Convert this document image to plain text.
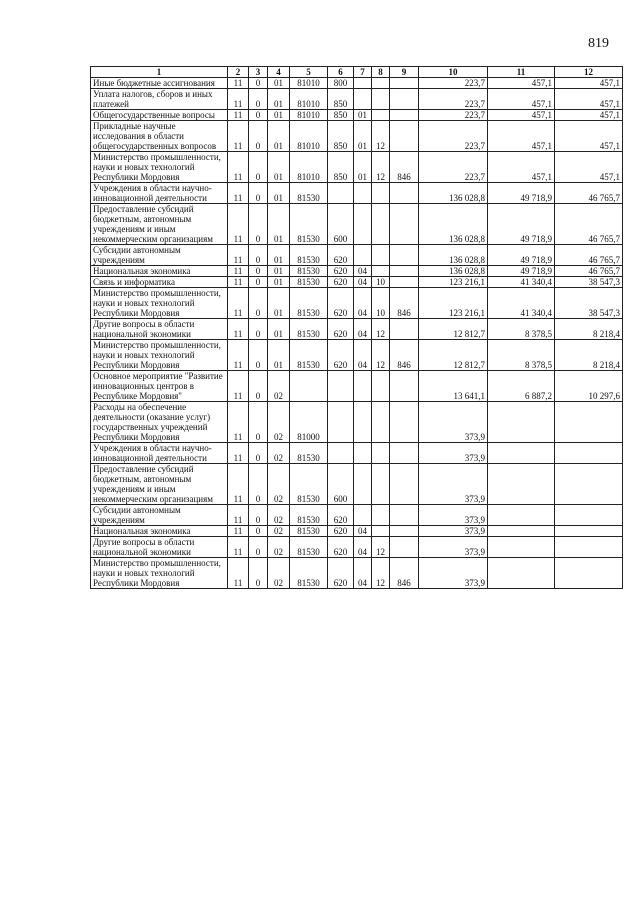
819
1	2	3	4	5	6	7	8	9	10	11	12
Иные бюджетные ассигнования	11	0	01	81010	800				223,7	457,1	457,1
Уплата налогов, сборов и иных платежей	11	0	01	81010	850				223,7	457,1	457,1
Общегосударственные вопросы	11	0	01	81010	850	01			223,7	457,1	457,1
Прикладные научные исследования в области общегосударственных вопросов	11	0	01	81010	850	01	12		223,7	457,1	457,1
Министерство промышленности, науки и новых технологий Республики Мордовия	11	0	01	81010	850	01	12	846	223,7	457,1	457,1
Учреждения в области научно-инновационной деятельности	11	0	01	81530					136 028,8	49 718,9	46 765,7
Предоставление субсидий бюджетным, автономным учреждениям и иным некоммерческим организациям	11	0	01	81530	600				136 028,8	49 718,9	46 765,7
Субсидии автономным учреждениям	11	0	01	81530	620				136 028,8	49 718,9	46 765,7
Национальная экономика	11	0	01	81530	620	04			136 028,8	49 718,9	46 765,7
Связь и информатика	11	0	01	81530	620	04	10		123 216,1	41 340,4	38 547,3
Министерство промышленности, науки и новых технологий Республики Мордовия	11	0	01	81530	620	04	10	846	123 216,1	41 340,4	38 547,3
Другие вопросы в области национальной экономики	11	0	01	81530	620	04	12		12 812,7	8 378,5	8 218,4
Министерство промышленности, науки и новых технологий Республики Мордовия	11	0	01	81530	620	04	12	846	12 812,7	8 378,5	8 218,4
Основное мероприятие "Развитие инновационных центров в Республике Мордовия"	11	0	02						13 641,1	6 887,2	10 297,6
Расходы на обеспечение деятельности (оказание услуг) государственных учреждений Республики Мордовия	11	0	02	81000					373,9		
Учреждения в области научно-инновационной деятельности	11	0	02	81530					373,9		
Предоставление субсидий бюджетным, автономным учреждениям и иным некоммерческим организациям	11	0	02	81530	600				373,9		
Субсидии автономным учреждениям	11	0	02	81530	620				373,9		
Национальная экономика	11	0	02	81530	620	04			373,9		
Другие вопросы в области национальной экономики	11	0	02	81530	620	04	12		373,9		
Министерство промышленности, науки и новых технологий Республики Мордовия	11	0	02	81530	620	04	12	846	373,9		
